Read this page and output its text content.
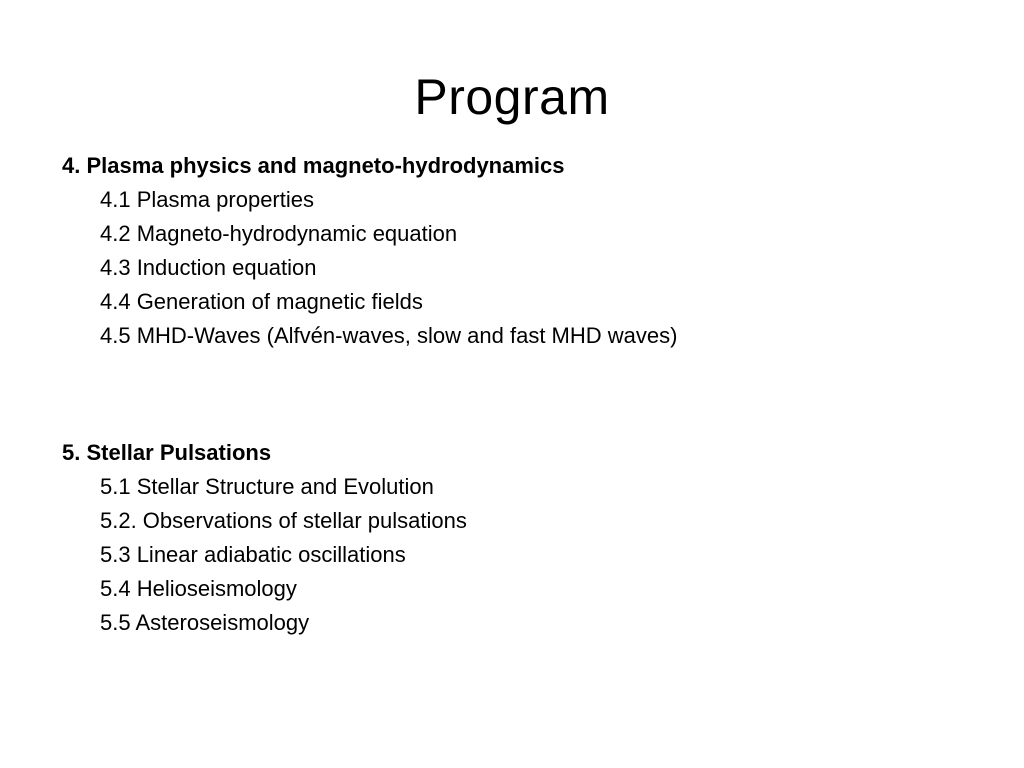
Program
4. Plasma physics and magneto-hydrodynamics
4.1 Plasma properties
4.2 Magneto-hydrodynamic equation
4.3 Induction equation
4.4 Generation of magnetic fields
4.5 MHD-Waves (Alfvén-waves, slow and fast MHD waves)
5. Stellar Pulsations
5.1 Stellar Structure and Evolution
5.2. Observations of stellar pulsations
5.3 Linear adiabatic oscillations
5.4 Helioseismology
5.5 Asteroseismology
